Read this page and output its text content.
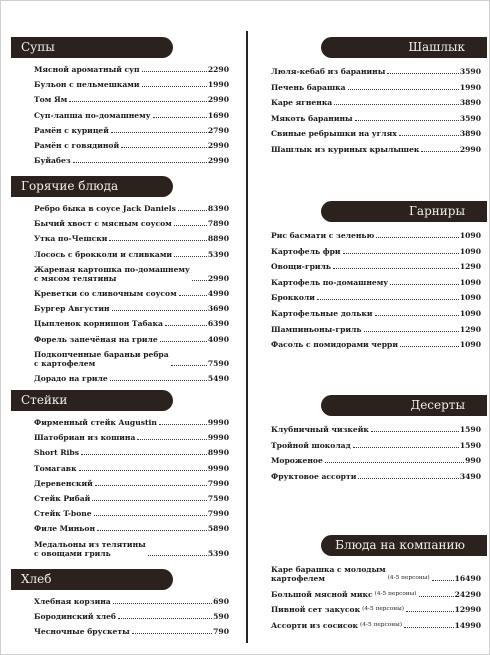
Супы
Мясной ароматный суп	2290
Бульон с пельмешками	1990
Том Ям	2990
Суп-лапша по-домашнему	1690
Рамён с курицей	2790
Рамён с говядиной	2990
Буйабез	2990
Горячие блюда
Ребро быка в соусе Jack Daniels	8390
Бычий хвост с мясным соусом	7890
Утка по-Чешски	8890
Лосось с брокколи и сливками	5390
Жареная картошка по-домашнему
с мясом телятины	2990
Креветки со сливочным соусом	4990
Бургер Августин	3690
Цыпленок корнишон Табака	6390
Форель запечёная на гриле	4090
Подкопченные бараньи ребра
с картофелем	7590
Дорадо на гриле	5490
Стейки
Фирменный стейк Augustin	9990
Шатобриан из кошина	9990
Short Ribs	8990
Томагавк	9990
Деревенский	7990
Стейк Рибай	7590
Стейк T-bone	7990
Филе Миньон	5890
Медальоны из телятины
с овощами гриль	5390
Хлеб
Хлебная корзина	690
Бородинский хлеб	590
Чесночные брускеты	790
Шашлык
Люля-кебаб из баранины	3590
Печень барашка	1990
Каре ягненка	3890
Мякоть баранины	3590
Свиные ребрышки на углях	3890
Шашлык из куриных крылышек	2990
Гарниры
Рис басмати с зеленью	1090
Картофель фри	1090
Овощи-гриль	1290
Картофель по-домашнему	1090
Брокколи	1090
Картофельные дольки	1090
Шампиньоны-гриль	1290
Фасоль с помидорами черри	1090
Десерты
Клубничный чизкейк	1590
Тройной шоколад	1590
Мороженое	990
Фруктовое ассорти	3490
Блюда на компанию
Каре барашка с молодым
картофелем	(4-5 персоны)	16490
Большой мясной микс (4-5 персоны)	24290
Пивной сет закусок (4-5 персоны)	12990
Ассорти из сосисок (4-5 персоны)	14990
